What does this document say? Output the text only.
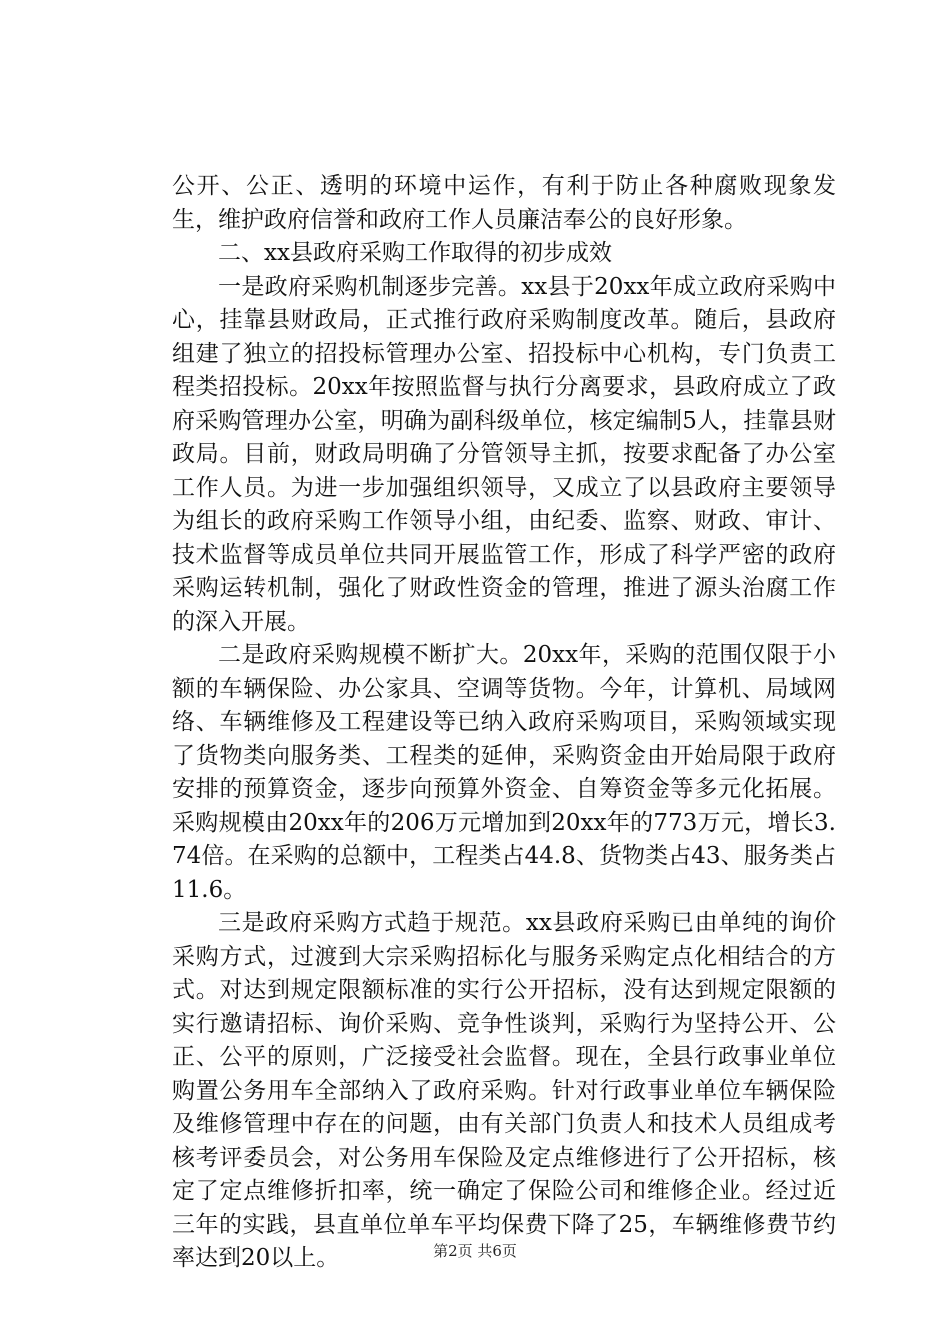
公开、公正、透明的环境中运作，有利于防止各种腐败现象发生，维护政府信誉和政府工作人员廉洁奉公的良好形象。

二、xx县政府采购工作取得的初步成效

一是政府采购机制逐步完善。xx县于20xx年成立政府采购中心，挂靠县财政局，正式推行政府采购制度改革。随后，县政府组建了独立的招投标管理办公室、招投标中心机构，专门负责工程类招投标。20xx年按照监督与执行分离要求，县政府成立了政府采购管理办公室，明确为副科级单位，核定编制5人，挂靠县财政局。目前，财政局明确了分管领导主抓，按要求配备了办公室工作人员。为进一步加强组织领导，又成立了以县政府主要领导为组长的政府采购工作领导小组，由纪委、监察、财政、审计、技术监督等成员单位共同开展监管工作，形成了科学严密的政府采购运转机制，强化了财政性资金的管理，推进了源头治腐工作的深入开展。

二是政府采购规模不断扩大。20xx年，采购的范围仅限于小额的车辆保险、办公家具、空调等货物。今年，计算机、局域网络、车辆维修及工程建设等已纳入政府采购项目，采购领域实现了货物类向服务类、工程类的延伸，采购资金由开始局限于政府安排的预算资金，逐步向预算外资金、自筹资金等多元化拓展。采购规模由20xx年的206万元增加到20xx年的773万元，增长3.74倍。在采购的总额中，工程类占44.8、货物类占43、服务类占11.6。

三是政府采购方式趋于规范。xx县政府采购已由单纯的询价采购方式，过渡到大宗采购招标化与服务采购定点化相结合的方式。对达到规定限额标准的实行公开招标，没有达到规定限额的实行邀请招标、询价采购、竞争性谈判，采购行为坚持公开、公正、公平的原则，广泛接受社会监督。现在，全县行政事业单位购置公务用车全部纳入了政府采购。针对行政事业单位车辆保险及维修管理中存在的问题，由有关部门负责人和技术人员组成考核考评委员会，对公务用车保险及定点维修进行了公开招标，核定了定点维修折扣率，统一确定了保险公司和维修企业。经过近三年的实践，县直单位单车平均保费下降了25，车辆维修费节约率达到20以上。	第2页 共6页
